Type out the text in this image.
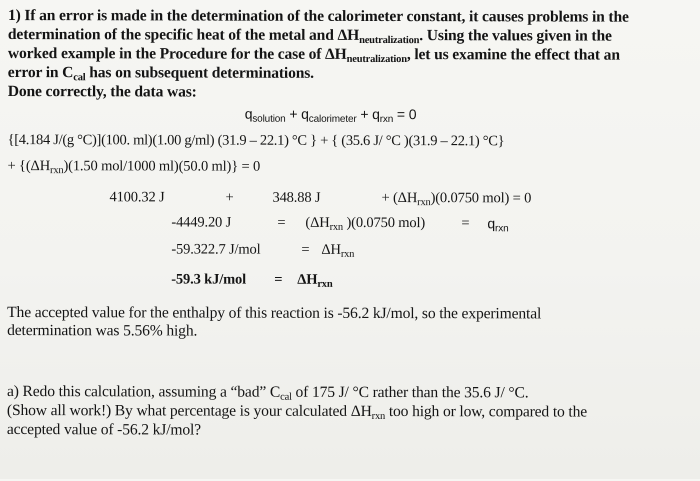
1) If an error is made in the determination of the calorimeter constant, it causes problems in the
determination of the specific heat of the metal and ΔHneutralization. Using the values given in the
worked example in the Procedure for the case of ΔHneutralization, let us examine the effect that an
error in Ccal has on subsequent determinations.
Done correctly, the data was:
$q_{solution} + q_{calorimeter} + q_{rxn} = 0$
{[4.184 J/(g °C)](100. ml)(1.00 g/ml) (31.9 – 22.1) °C } + { (35.6 J/ °C )(31.9 – 22.1) °C}
+ {$(\Delta H_{rxn})(1.50$ mol/1000 ml)(50.0 ml)} = 0
4100.32 J	+	348.88 J	+ $(\Delta H_{rxn})(0.0750$ mol) = 0
-4449.20 J	= ($\Delta H_{rxn}$ )(0.0750 mol)	= $q_{rxn}$
-59.322.7 J/mol	= $\Delta H_{rxn}$
-59.3 $kJ/mol = \Delta H_{rxn}$
The accepted value for the enthalpy of this reaction is -56.2 kJ/mol, so the experimental
determination was 5.56% high.
a) Redo this calculation, assuming a “bad” Ccal of 175 J/ °C rather than the 35.6 J/ °C.
(Show all work!) By what percentage is your calculated ΔHrxn too high or low, compared to the
accepted value of -56.2 kJ/mol?
